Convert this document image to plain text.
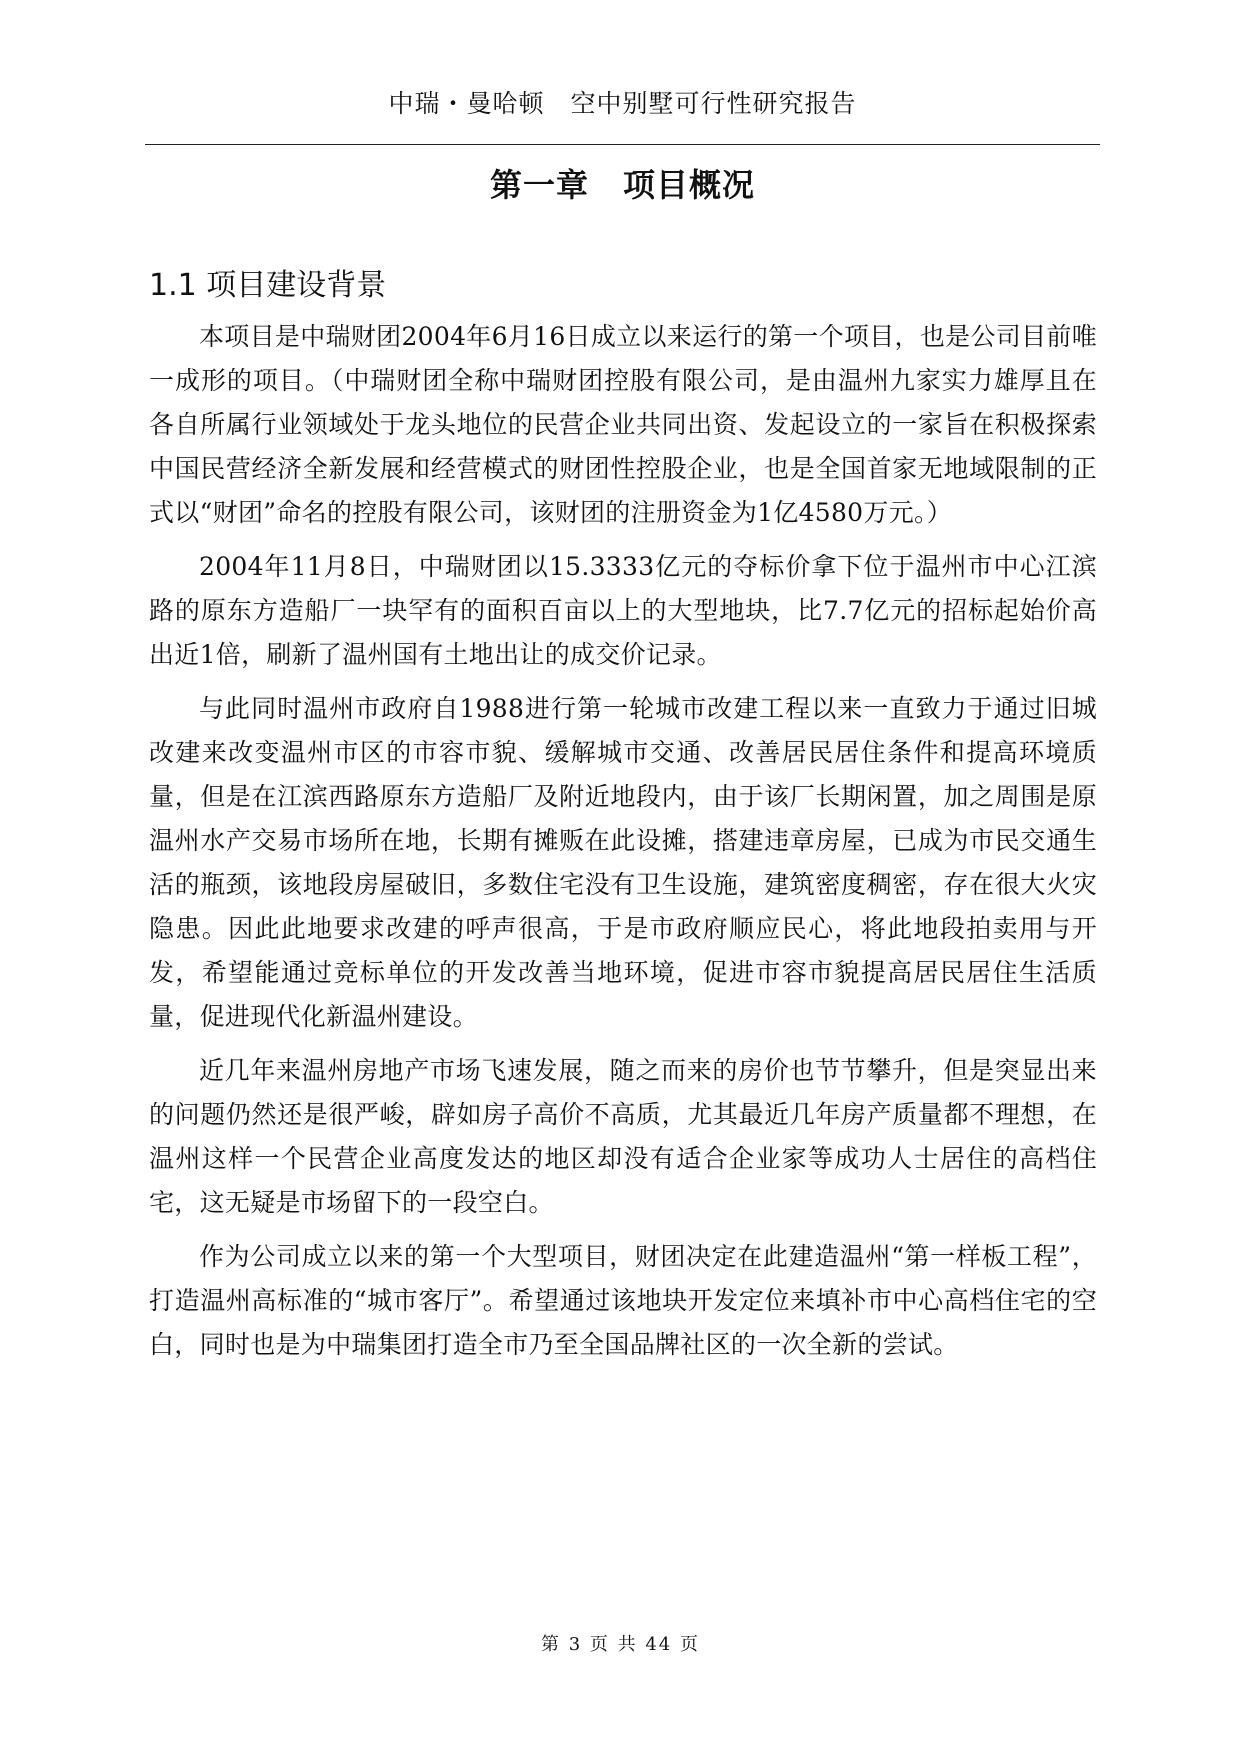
中瑞・曼哈顿　空中别墅可行性研究报告
第一章 项目概况
1.1 项目建设背景

本项目是中瑞财团2004年6月16日成立以来运行的第一个项目，也是公司目前唯一成形的项目。（中瑞财团全称中瑞财团控股有限公司，是由温州九家实力雄厚且在各自所属行业领域处于龙头地位的民营企业共同出资、发起设立的一家旨在积极探索中国民营经济全新发展和经营模式的财团性控股企业，也是全国首家无地域限制的正式以“财团”命名的控股有限公司，该财团的注册资金为1亿4580万元。）

2004年11月8日，中瑞财团以15.3333亿元的夺标价拿下位于温州市中心江滨路的原东方造船厂一块罕有的面积百亩以上的大型地块，比7.7亿元的招标起始价高出近1倍，刷新了温州国有土地出让的成交价记录。

与此同时温州市政府自1988进行第一轮城市改建工程以来一直致力于通过旧城改建来改变温州市区的市容市貌、缓解城市交通、改善居民居住条件和提高环境质量，但是在江滨西路原东方造船厂及附近地段内，由于该厂长期闲置，加之周围是原温州水产交易市场所在地，长期有摊贩在此设摊，搭建违章房屋，已成为市民交通生活的瓶颈，该地段房屋破旧，多数住宅没有卫生设施，建筑密度稠密，存在很大火灾隐患。因此此地要求改建的呼声很高，于是市政府顺应民心，将此地段拍卖用与开发，希望能通过竞标单位的开发改善当地环境，促进市容市貌提高居民居住生活质量，促进现代化新温州建设。

近几年来温州房地产市场飞速发展，随之而来的房价也节节攀升，但是突显出来的问题仍然还是很严峻，辟如房子高价不高质，尤其最近几年房产质量都不理想，在温州这样一个民营企业高度发达的地区却没有适合企业家等成功人士居住的高档住宅，这无疑是市场留下的一段空白。

作为公司成立以来的第一个大型项目，财团决定在此建造温州“第一样板工程”，打造温州高标准的“城市客厅”。希望通过该地块开发定位来填补市中心高档住宅的空白，同时也是为中瑞集团打造全市乃至全国品牌社区的一次全新的尝试。

第 3 页 共 44 页
